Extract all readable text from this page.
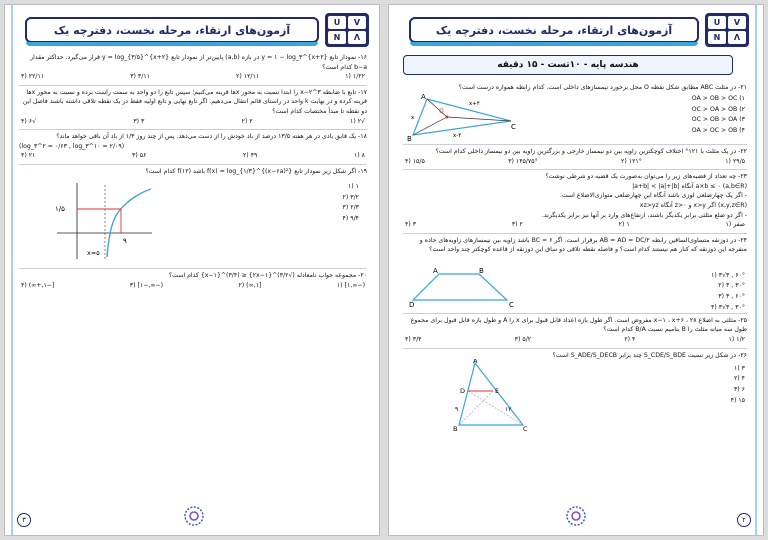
U	V
N	Λ
آزمون‌های ارتقاء، مرحله نخست، دفترچه یک
۱۶- نمودار تابع y = ۱ − log_۳^{x+۲} در بازه (a,b) پایین‌تر از نمودار تابع y = log_{۳/۵}^{x+۲} قرار می‌گیرد. حداکثر مقدار b−a کدام است؟
۱/۲۲ (۱
۱۲/۱۱ (۲
۳/۱۱ (۳
۲۲/۱۱ (۴
۱۷- تابع با ضابطه ۳^x−۲ را ابتدا نسبت به محور xها قرینه می‌کنیم؛ سپس تابع را دو واحد به سمت راست برده و نسبت به محور xها قرینه کرده و در نهایت k واحد در راستای قائم انتقال می‌دهیم. اگر تابع نهایی و تابع اولیه فقط در یک نقطه تلاقی داشته باشند فاصل این دو نقطه تا مبدأ مختصات کدام است؟
√۲ (۱
۲ (۲
۳ (۳
√۶ (۴
۱۸- یک قایق بادی در هر هفته ۱۳/۵ درصد از باد خودش را از دست می‌دهد. پس از چند روز ۱/۳ از باد آن باقی خواهد ماند؟
(log_۳^۲ = ۰/۶۳ , log_۳^۱۰ = ۲/۰۹)
۸ (۱
۴۹ (۲
۵۶ (۳
۲۱ (۴
۱۹- اگر شکل زیر نمودار تابع f(x) = log_{۱/۳}^{(x−۶a)²} باشد f(۱۲) کدام است؟
۱ (۱
۳/۲ (۲
۲/۳ (۳
۹/۴ (۴
۱/۵
۹
x=۵
۲۰- مجموعه جواب نامعادله (√۳/۲)^{۲x−۱} ≤ (۳/۴)^{x−۱} کدام است؟
(−∞,۱] (۱
[۱,∞) (۲
(−∞,−۱] (۳
[−۱,+∞) (۴
۳
U	V
N	Λ
آزمون‌های ارتقاء، مرحله نخست، دفترچه یک
هندسه پایه - ۱۰تست - ۱۵ دقیقه
۲۱- در مثلث ABC مطابق شکل نقطه O محل برخورد نیمسازهای داخلی است. کدام رابطه همواره درست است؟
OA > OB > OC (۱
OC > OA > OB (۲
OC > OB > OA (۳
OA > OC > OB (۴
A
B
C
O
x+۴
x-۴
x
۲۲- در یک مثلث با ۱۲۱° اختلاف کوچکترین زاویه بین دو نیمساز خارجی و بزرگترین زاویه بین دو نیمساز داخلی کدام است؟
۲۹/۵ (۱
۱۲۱° (۲
۱۴۵/۷۵° (۳
۱۵/۵ (۴
۲۳- چه تعداد از قضیه‌های زیر را می‌توان به‌صورت یک قضیه دو شرطی نوشت؟
(a,b∈R) a×b ≤ ۰ آنگاه |a+b| < |a|+|b|
- اگر یک چهارضلعی لوزی باشد آنگاه این چهارضلعی متوازی‌الاضلاع است.
(x,y,z∈R) اگر x>y و z>۰ آنگاه xz>yz
- اگر دو ضلع مثلثی برابر یکدیگر باشند، ارتفاع‌های وارد بر آنها نیز برابر یکدیگرند.
صفر (۱
۱ (۲
۲ (۳
۳ (۴
۲۴- در ذوزنقه متساوی‌الساقین رابطه AB = AD = DC/۲ برقرار است. اگر BC = ۶ باشد زاویه بین نیمسازهای زاویه‌های حاده و منفرجه این ذوزنقه که کنار هم نیستند کدام است؟ و فاصله نقطه تلاقی دو ساق این ذوزنقه از قاعده کوچکتر چند واحد است؟
۶۰° , ۳√۳ (۱
۳۰° , ۳ (۲
۶۰° , ۳ (۳
۳۰° , ۳√۳ (۴
A	B
C
D
۲۵- مثلثی به اضلاع ۲۸ ، x−۱ ، x+۶ مفروض است. اگر طول بازه اعداد قابل قبول برای x را A و طول بازه قابل قبول برای مجموع طول سه میانه مثلث را B بنامیم نسبت B/A کدام است؟
۱/۲ (۱
۴ (۲
۵/۲ (۳
۳/۴ (۴
۲۶- در شکل زیر نسبت S_CDE/S_BDE چند برابر S_ADE/S_DECB است؟
۳ (۱
۴ (۲
۶ (۳
۱۵ (۴
A
B	C
D	E
۹	۱۲
۲
